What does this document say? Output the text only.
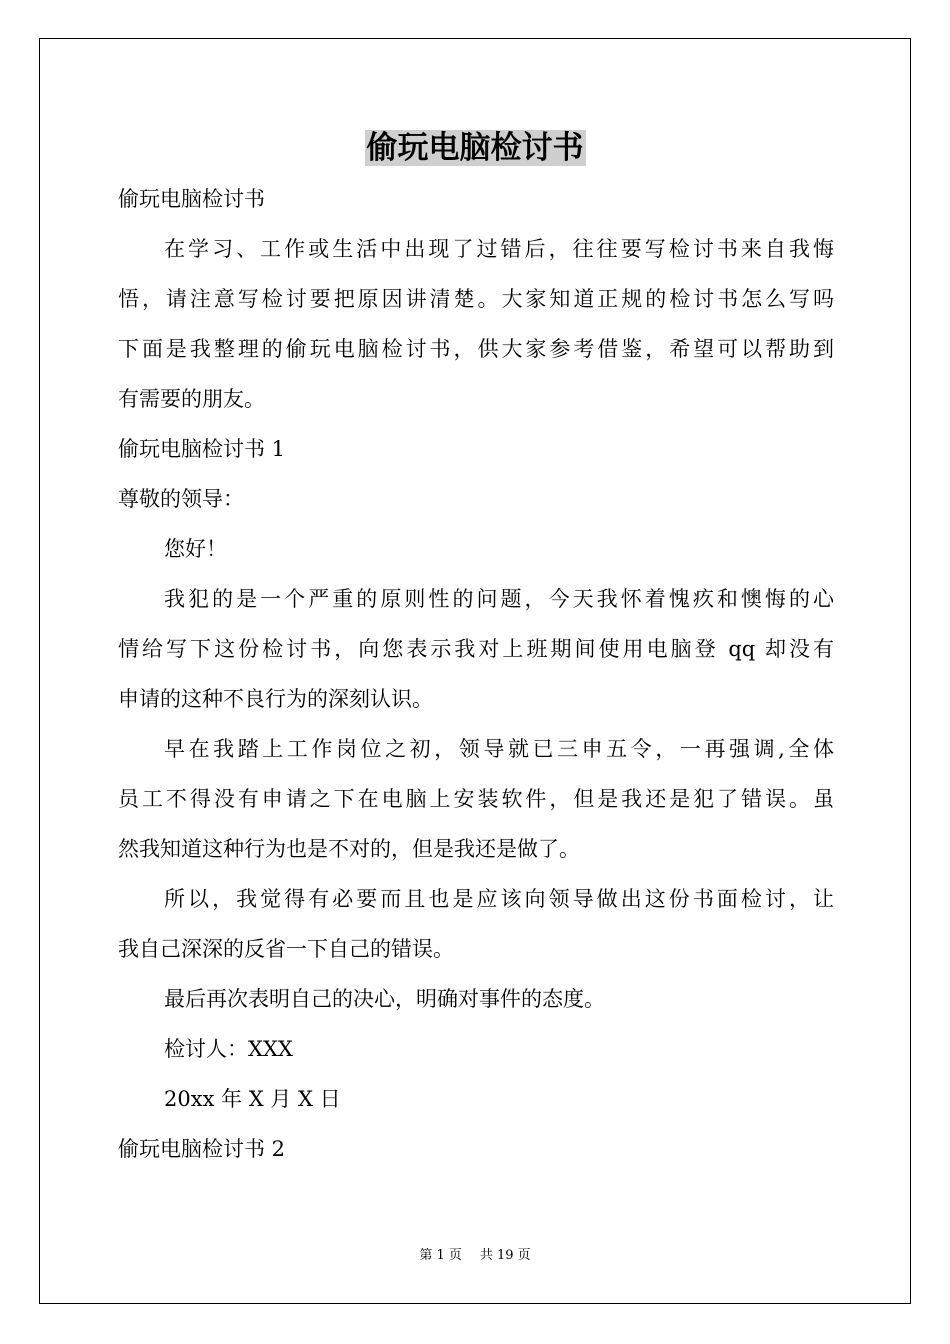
偷玩电脑检讨书
偷玩电脑检讨书
在学习、工作或生活中出现了过错后，往往要写检讨书来自我悔
悟，请注意写检讨要把原因讲清楚。大家知道正规的检讨书怎么写吗
下面是我整理的偷玩电脑检讨书，供大家参考借鉴，希望可以帮助到
有需要的朋友。
偷玩电脑检讨书 1
尊敬的领导：
您好！
我犯的是一个严重的原则性的问题，今天我怀着愧疚和懊悔的心
情给写下这份检讨书，向您表示我对上班期间使用电脑登 qq 却没有
申请的这种不良行为的深刻认识。
早在我踏上工作岗位之初，领导就已三申五令，一再强调,全体
员工不得没有申请之下在电脑上安装软件，但是我还是犯了错误。虽
然我知道这种行为也是不对的，但是我还是做了。
所以，我觉得有必要而且也是应该向领导做出这份书面检讨，让
我自己深深的反省一下自己的错误。
最后再次表明自己的决心，明确对事件的态度。
检讨人：XXX
20xx 年 X 月 X 日
偷玩电脑检讨书 2
第 1 页 共 19 页
